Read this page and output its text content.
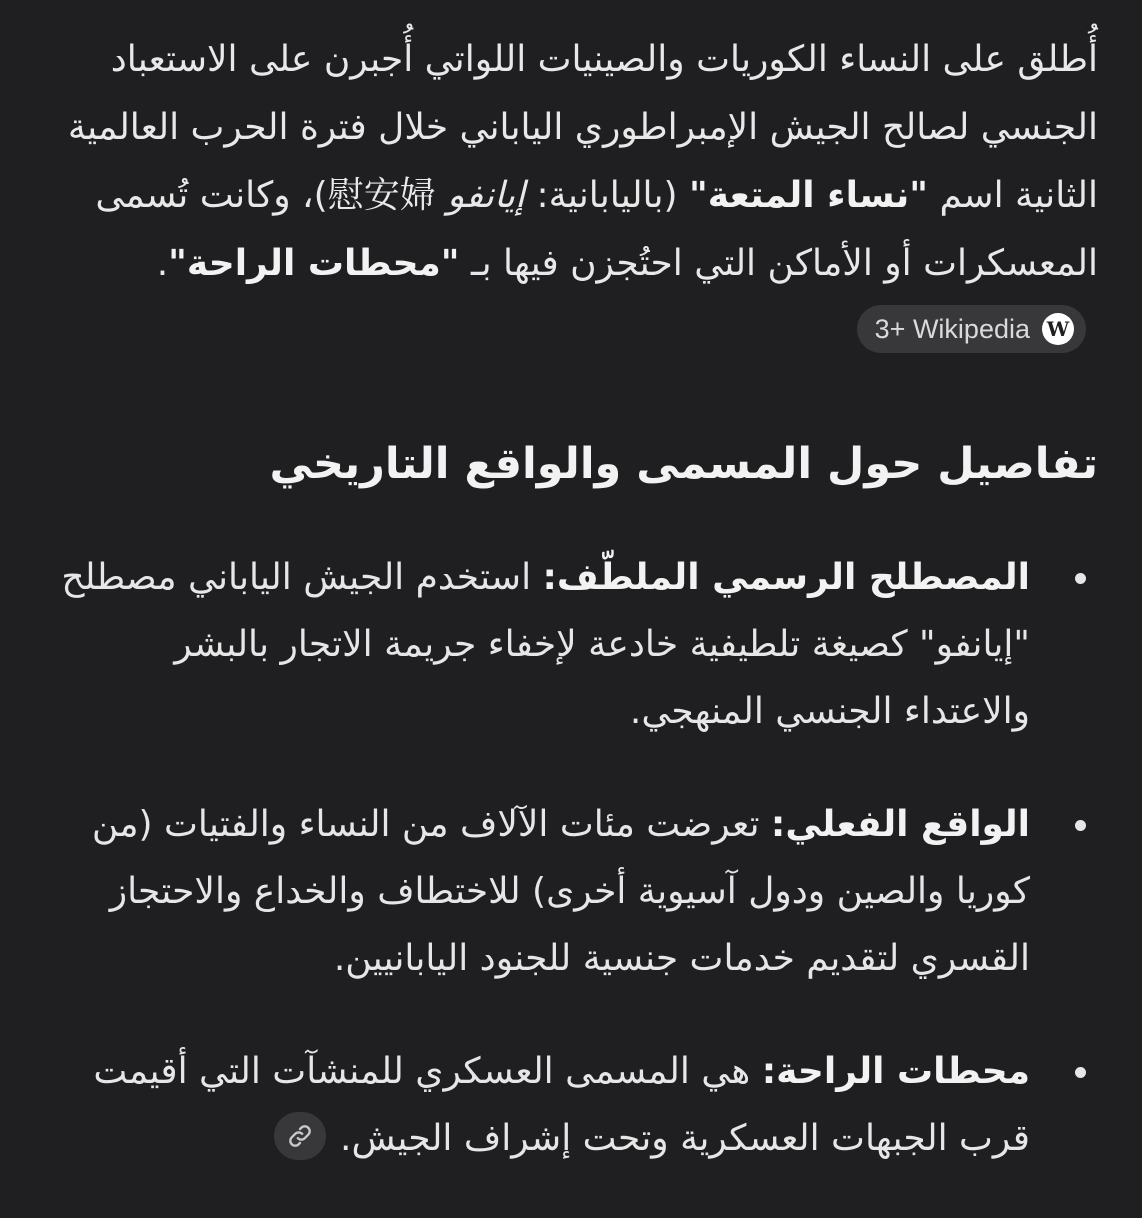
أُطلق على النساء الكوريات والصينيات اللواتي أُجبرن على الاستعباد الجنسي لصالح الجيش الإمبراطوري الياباني خلال فترة الحرب العالمية الثانية اسم "نساء المتعة" (باليابانية: إيانفو 慰安婦)، وكانت تُسمى المعسكرات أو الأماكن التي احتُجزن فيها بـ "محطات الراحة".
3+ Wikipedia W

تفاصيل حول المسمى والواقع التاريخي
المصطلح الرسمي الملطّف: استخدم الجيش الياباني مصطلح "إيانفو" كصيغة تلطيفية خادعة لإخفاء جريمة الاتجار بالبشر والاعتداء الجنسي المنهجي.
الواقع الفعلي: تعرضت مئات الآلاف من النساء والفتيات (من كوريا والصين ودول آسيوية أخرى) للاختطاف والخداع والاحتجاز القسري لتقديم خدمات جنسية للجنود اليابانيين.
محطات الراحة: هي المسمى العسكري للمنشآت التي أقيمت قرب الجبهات العسكرية وتحت إشراف الجيش.
